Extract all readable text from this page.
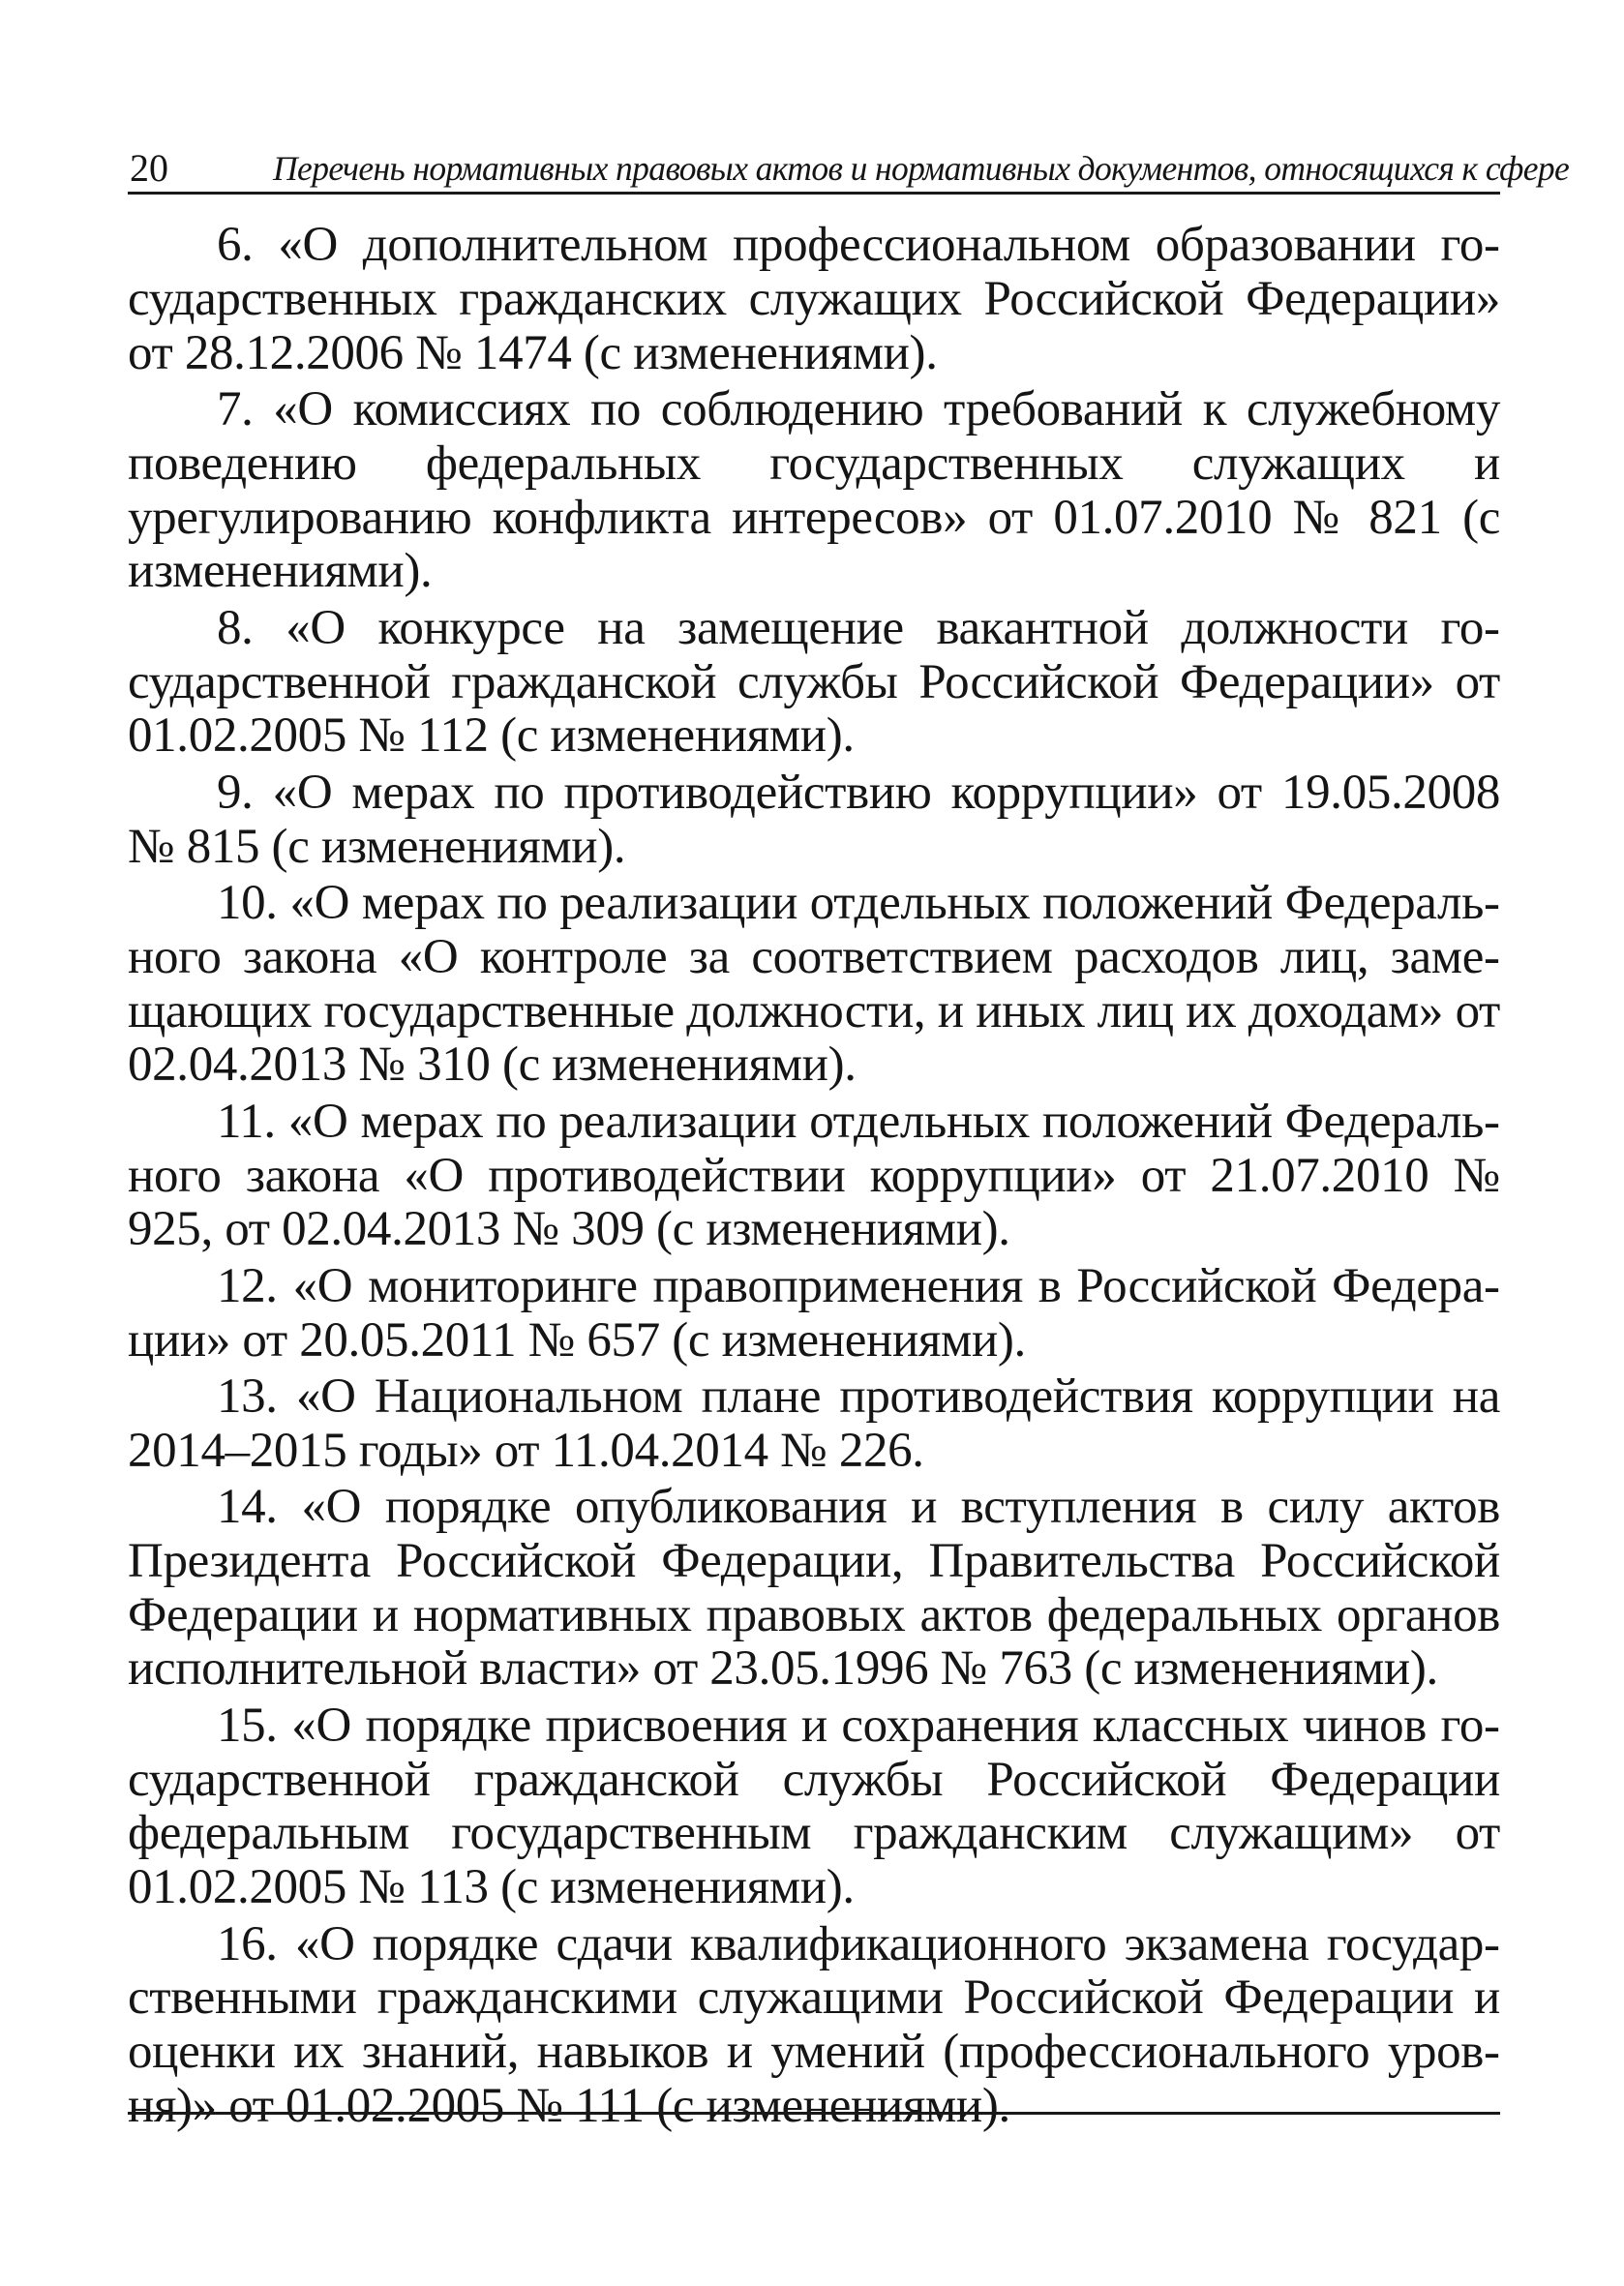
20	Перечень нормативных правовых актов и нормативных документов, относящихся к сфере

6. «О дополнительном профессиональном образовании государственных гражданских служащих Российской Федерации» от 28.12.2006 № 1474 (с изменениями).

7. «О комиссиях по соблюдению требований к служебному поведению федеральных государственных служащих и урегулированию конфликта интересов» от 01.07.2010 № 821 (с изменениями).

8. «О конкурсе на замещение вакантной должности государственной гражданской службы Российской Федерации» от 01.02.2005 № 112 (с изменениями).

9. «О мерах по противодействию коррупции» от 19.05.2008 № 815 (с изменениями).

10. «О мерах по реализации отдельных положений Федерального закона «О контроле за соответствием расходов лиц, замещающих государственные должности, и иных лиц их доходам» от 02.04.2013 № 310 (с изменениями).

11. «О мерах по реализации отдельных положений Федерального закона «О противодействии коррупции» от 21.07.2010 № 925, от 02.04.2013 № 309 (с изменениями).

12. «О мониторинге правоприменения в Российской Федерации» от 20.05.2011 № 657 (с изменениями).

13. «О Национальном плане противодействия коррупции на 2014–2015 годы» от 11.04.2014 № 226.

14. «О порядке опубликования и вступления в силу актов Президента Российской Федерации, Правительства Российской Федерации и нормативных правовых актов федеральных органов исполнительной власти» от 23.05.1996 № 763 (с изменениями).

15. «О порядке присвоения и сохранения классных чинов государственной гражданской службы Российской Федерации федеральным государственным гражданским служащим» от 01.02.2005 № 113 (с изменениями).

16. «О порядке сдачи квалификационного экзамена государственными гражданскими служащими Российской Федерации и оценки их знаний, навыков и умений (профессионального уровня)» от 01.02.2005 № 111 (с изменениями).
